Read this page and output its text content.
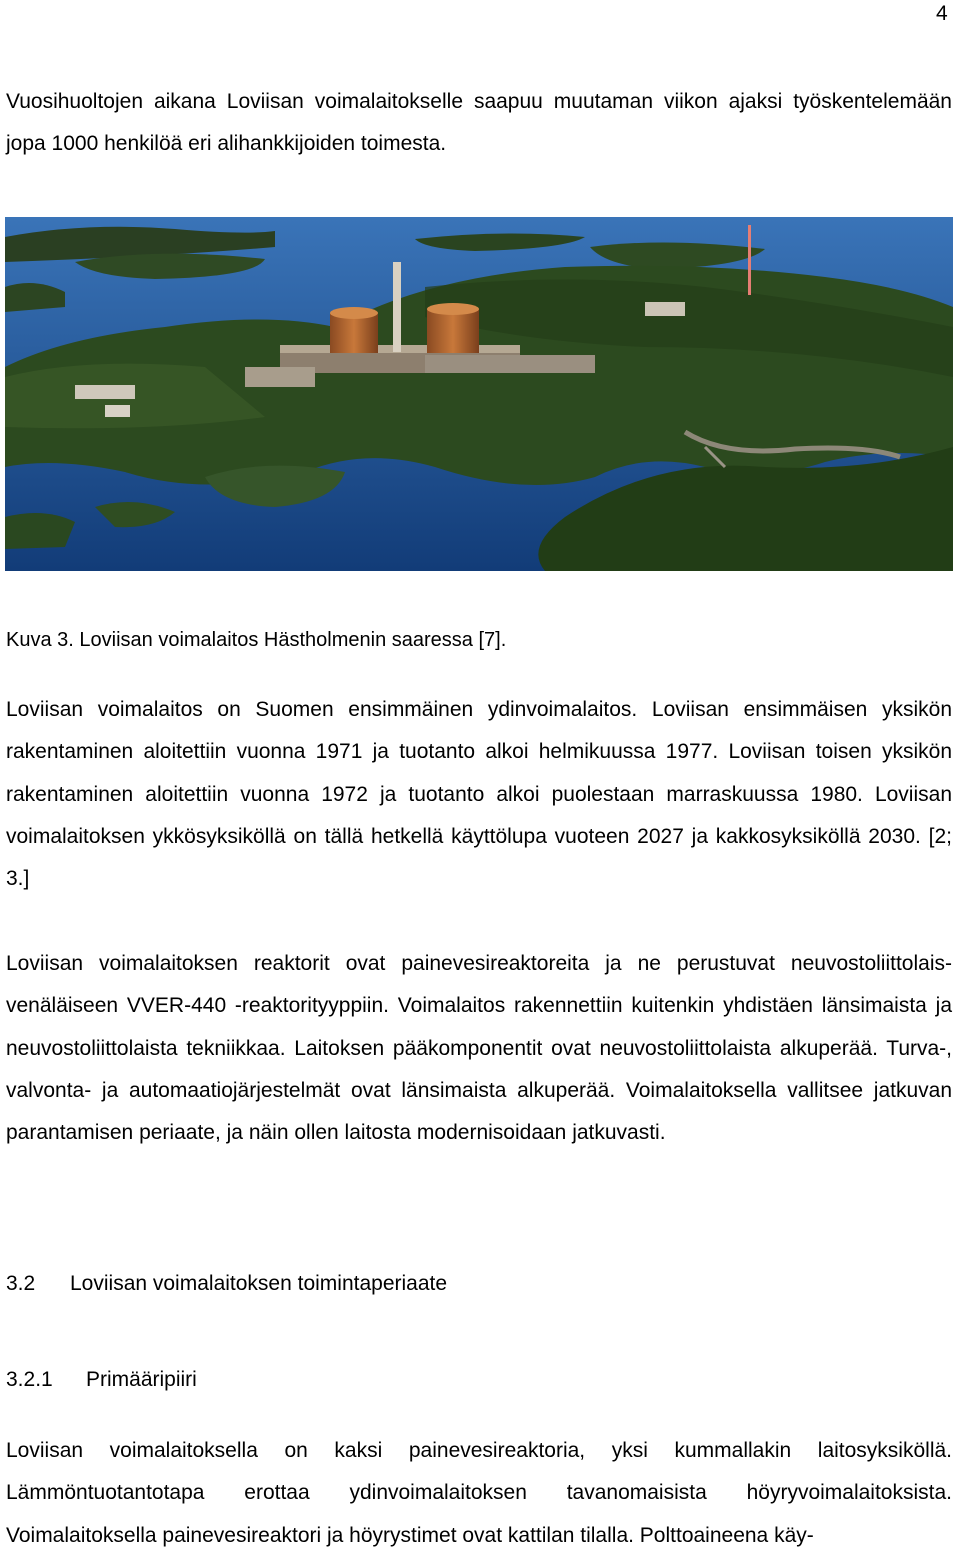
4

Vuosihuoltojen aikana Loviisan voimalaitokselle saapuu muutaman viikon ajaksi työskentelemään jopa 1000 henkilöä eri alihankkijoiden toimesta.

Kuva 3. Loviisan voimalaitos Hästholmenin saaressa [7].

Loviisan voimalaitos on Suomen ensimmäinen ydinvoimalaitos. Loviisan ensimmäisen yksikön rakentaminen aloitettiin vuonna 1971 ja tuotanto alkoi helmikuussa 1977. Loviisan toisen yksikön rakentaminen aloitettiin vuonna 1972 ja tuotanto alkoi puolestaan marraskuussa 1980. Loviisan voimalaitoksen ykkösyksiköllä on tällä hetkellä käyttölupa vuoteen 2027 ja kakkosyksiköllä 2030. [2; 3.]

Loviisan voimalaitoksen reaktorit ovat painevesireaktoreita ja ne perustuvat neuvostoliittolais-venäläiseen VVER-440 -reaktorityyppiin. Voimalaitos rakennettiin kuitenkin yhdistäen länsimaista ja neuvostoliittolaista tekniikkaa. Laitoksen pääkomponentit ovat neuvostoliittolaista alkuperää. Turva-, valvonta- ja automaatiojärjestelmät ovat länsimaista alkuperää. Voimalaitoksella vallitsee jatkuvan parantamisen periaate, ja näin ollen laitosta modernisoidaan jatkuvasti.

3.2 Loviisan voimalaitoksen toimintaperiaate
3.2.1 Primääripiiri

Loviisan voimalaitoksella on kaksi painevesireaktoria, yksi kummallakin laitosyksiköllä. Lämmöntuotantotapa erottaa ydinvoimalaitoksen tavanomaisista höyryvoimalaitoksista. Voimalaitoksella painevesireaktori ja höyrystimet ovat kattilan tilalla. Polttoaineena käy-
